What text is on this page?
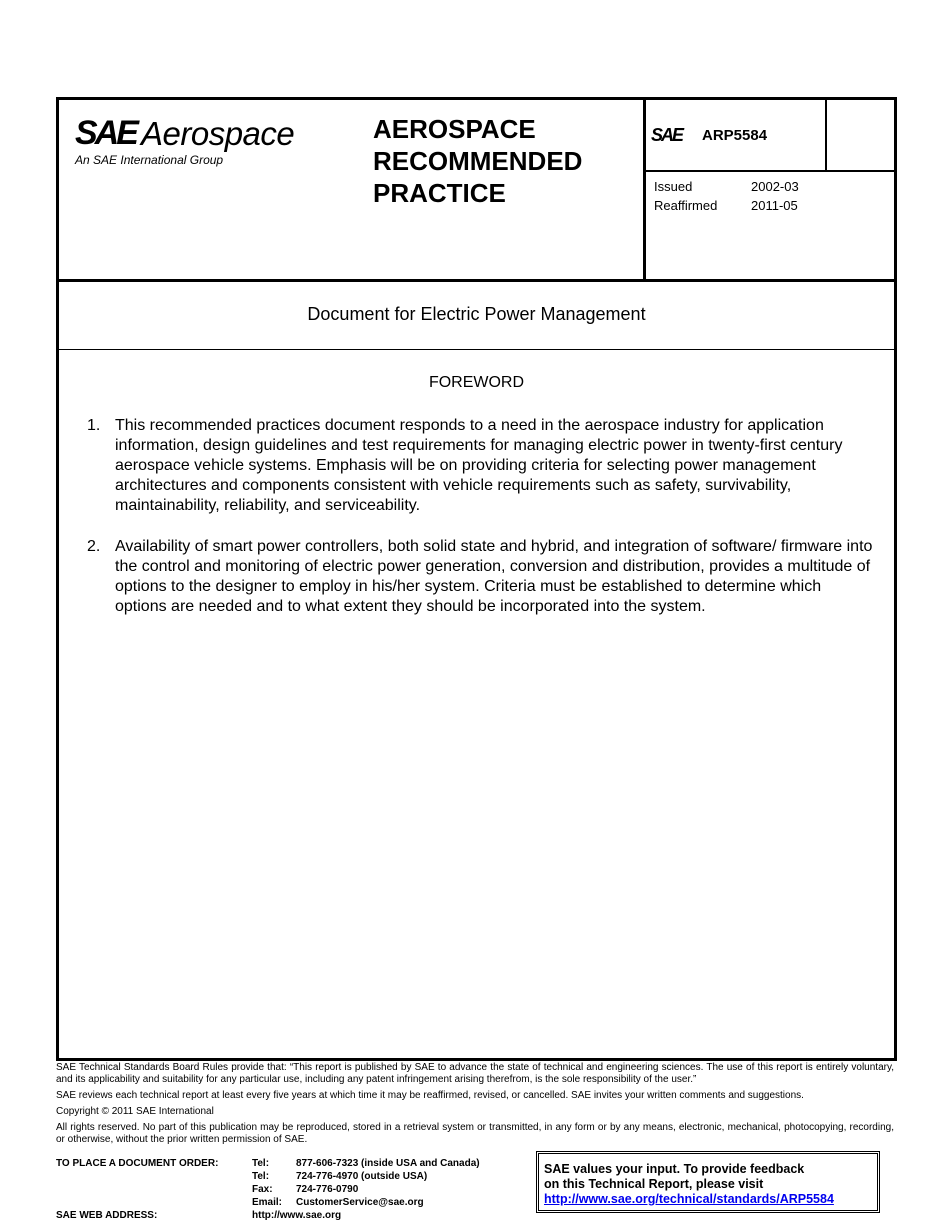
SAE Aerospace
An SAE International Group
AEROSPACE
RECOMMENDED
PRACTICE
SAE ARP5584
Issued	2002-03
Reaffirmed	2011-05
Document for Electric Power Management
FOREWORD
1. This recommended practices document responds to a need in the aerospace industry for application information, design guidelines and test requirements for managing electric power in twenty-first century aerospace vehicle systems. Emphasis will be on providing criteria for selecting power management architectures and components consistent with vehicle requirements such as safety, survivability, maintainability, reliability, and serviceability.
2. Availability of smart power controllers, both solid state and hybrid, and integration of software/ firmware into the control and monitoring of electric power generation, conversion and distribution, provides a multitude of options to the designer to employ in his/her system. Criteria must be established to determine which options are needed and to what extent they should be incorporated into the system.

SAE Technical Standards Board Rules provide that: “This report is published by SAE to advance the state of technical and engineering sciences. The use of this report is entirely voluntary, and its applicability and suitability for any particular use, including any patent infringement arising therefrom, is the sole responsibility of the user.”

SAE reviews each technical report at least every five years at which time it may be reaffirmed, revised, or cancelled. SAE invites your written comments and suggestions.

Copyright © 2011 SAE International

All rights reserved. No part of this publication may be reproduced, stored in a retrieval system or transmitted, in any form or by any means, electronic, mechanical, photocopying, recording, or otherwise, without the prior written permission of SAE.

TO PLACE A DOCUMENT ORDER:	Tel:	877-606-7323 (inside USA and Canada)
Tel:	724-776-4970 (outside USA)
Fax:	724-776-0790
Email:	CustomerService@sae.org
SAE WEB ADDRESS:	http://www.sae.org
SAE values your input. To provide feedback
on this Technical Report, please visit
http://www.sae.org/technical/standards/ARP5584
